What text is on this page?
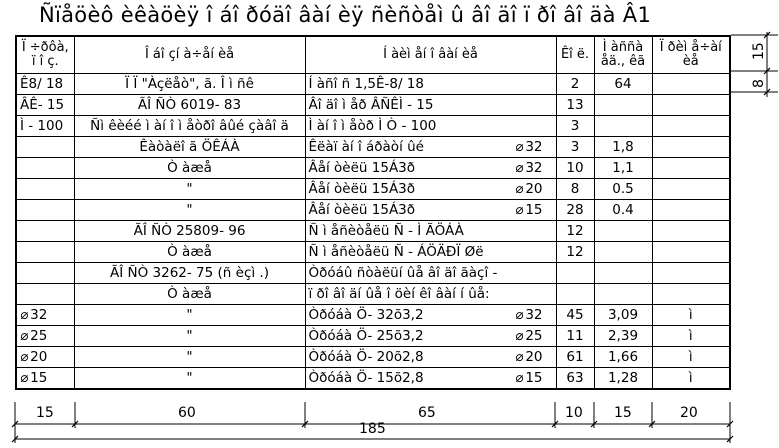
Ñïåöèô èêàöèÿ î áî ðóäî âàí èÿ ñèñòåì û âî äî ï ðî âî äà Â1
Ï ÷ðôà, ï î ç.	Î áî çí à÷åí èå	Í àèì åí î âàí èå	Êî ë.	Ì àññà åä., êã	Ï ðèì å÷àí èå
Ê8/ 18	Ï Ï "Àçëåò", ã. Î ì ñê	Í àñî ñ 1,5Ê-8/ 18	2	64	
ÂÊ- 15	ÃÎ ÑÒ 6019- 83	Âî äî ì åð ÂÑÊÌ - 15	13		
Ì - 100	Ñì êèéé ì àí î ì åòðî âûé çàâî ä	Ì àí î ì åòð Ì Ò - 100	3		
	Êàòàëî ã ÖÊÁÀ	Êëàï àí î áðàòí ûé ⌀ 32	3	1,8	
	Ò àæå	Âåí òèëü 15Á3ð ⌀ 32	10	1,1	
	"	Âåí òèëü 15Á3ð ⌀ 20	8	0.5	
	"	Âåí òèëü 15Á3ð ⌀ 15	28	0.4	
	ÃÎ ÑÒ 25809- 96	Ñ ì åñèòåëü Ñ - Ì ÃÖÁÀ	12		
	Ò àæå	Ñ ì åñèòåëü Ñ - ÁÖÄÐÏ Øë	12		
	ÃÎ ÑÒ 3262- 75 (ñ èçì .)	Òðóáû ñòàëüí ûå âî äî ãàçî -			
	Ò àæå	ï ðî âî äí ûå î öèí êî âàí í ûå:			
⌀ 32	"	Òðóáà Ö- 32õ3,2 ⌀ 32	45	3,09	ì
⌀ 25	"	Òðóáà Ö- 25õ3,2 ⌀ 25	11	2,39	ì
⌀ 20	"	Òðóáà Ö- 20õ2,8 ⌀ 20	61	1,66	ì
⌀ 15	"	Òðóáà Ö- 15õ2,8 ⌀ 15	63	1,28	ì
15	60	65	10 15	20
185
15
8
